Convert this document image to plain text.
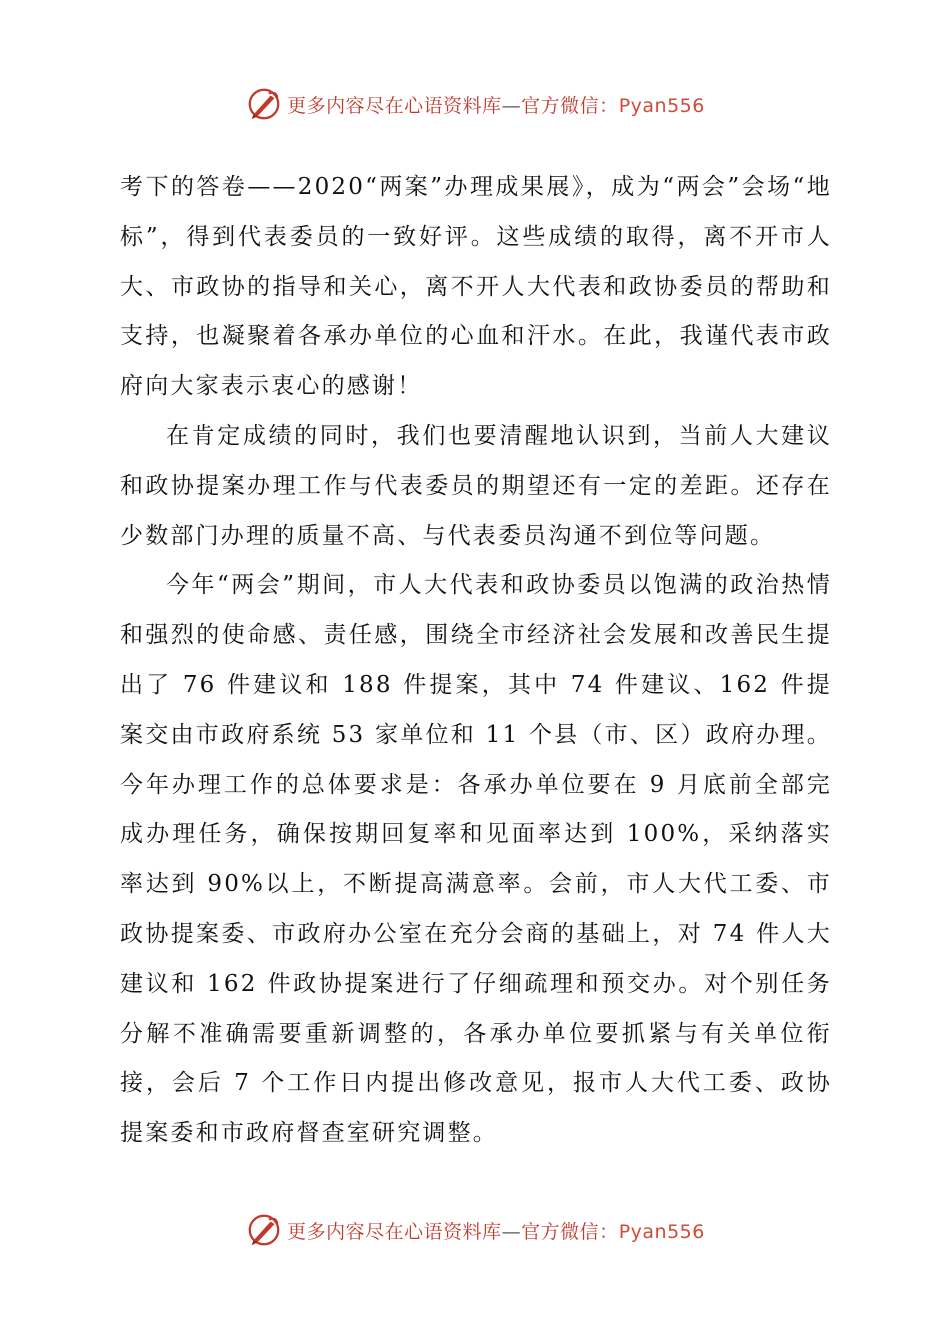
更多内容尽在心语资料库—官方微信：Pyan556

考下的答卷——2020“两案”办理成果展》，成为“两会”会场“地标”，得到代表委员的一致好评。这些成绩的取得，离不开市人大、市政协的指导和关心，离不开人大代表和政协委员的帮助和支持，也凝聚着各承办单位的心血和汗水。在此，我谨代表市政府向大家表示衷心的感谢！

在肯定成绩的同时，我们也要清醒地认识到，当前人大建议和政协提案办理工作与代表委员的期望还有一定的差距。还存在少数部门办理的质量不高、与代表委员沟通不到位等问题。

今年“两会”期间，市人大代表和政协委员以饱满的政治热情和强烈的使命感、责任感，围绕全市经济社会发展和改善民生提出了 76 件建议和 188 件提案，其中 74 件建议、162 件提案交由市政府系统 53 家单位和 11 个县（市、区）政府办理。今年办理工作的总体要求是：各承办单位要在 9 月底前全部完成办理任务，确保按期回复率和见面率达到 100%，采纳落实率达到 90%以上，不断提高满意率。会前，市人大代工委、市政协提案委、市政府办公室在充分会商的基础上，对 74 件人大建议和 162 件政协提案进行了仔细疏理和预交办。对个别任务分解不准确需要重新调整的，各承办单位要抓紧与有关单位衔接，会后 7 个工作日内提出修改意见，报市人大代工委、政协提案委和市政府督查室研究调整。

更多内容尽在心语资料库—官方微信：Pyan556
